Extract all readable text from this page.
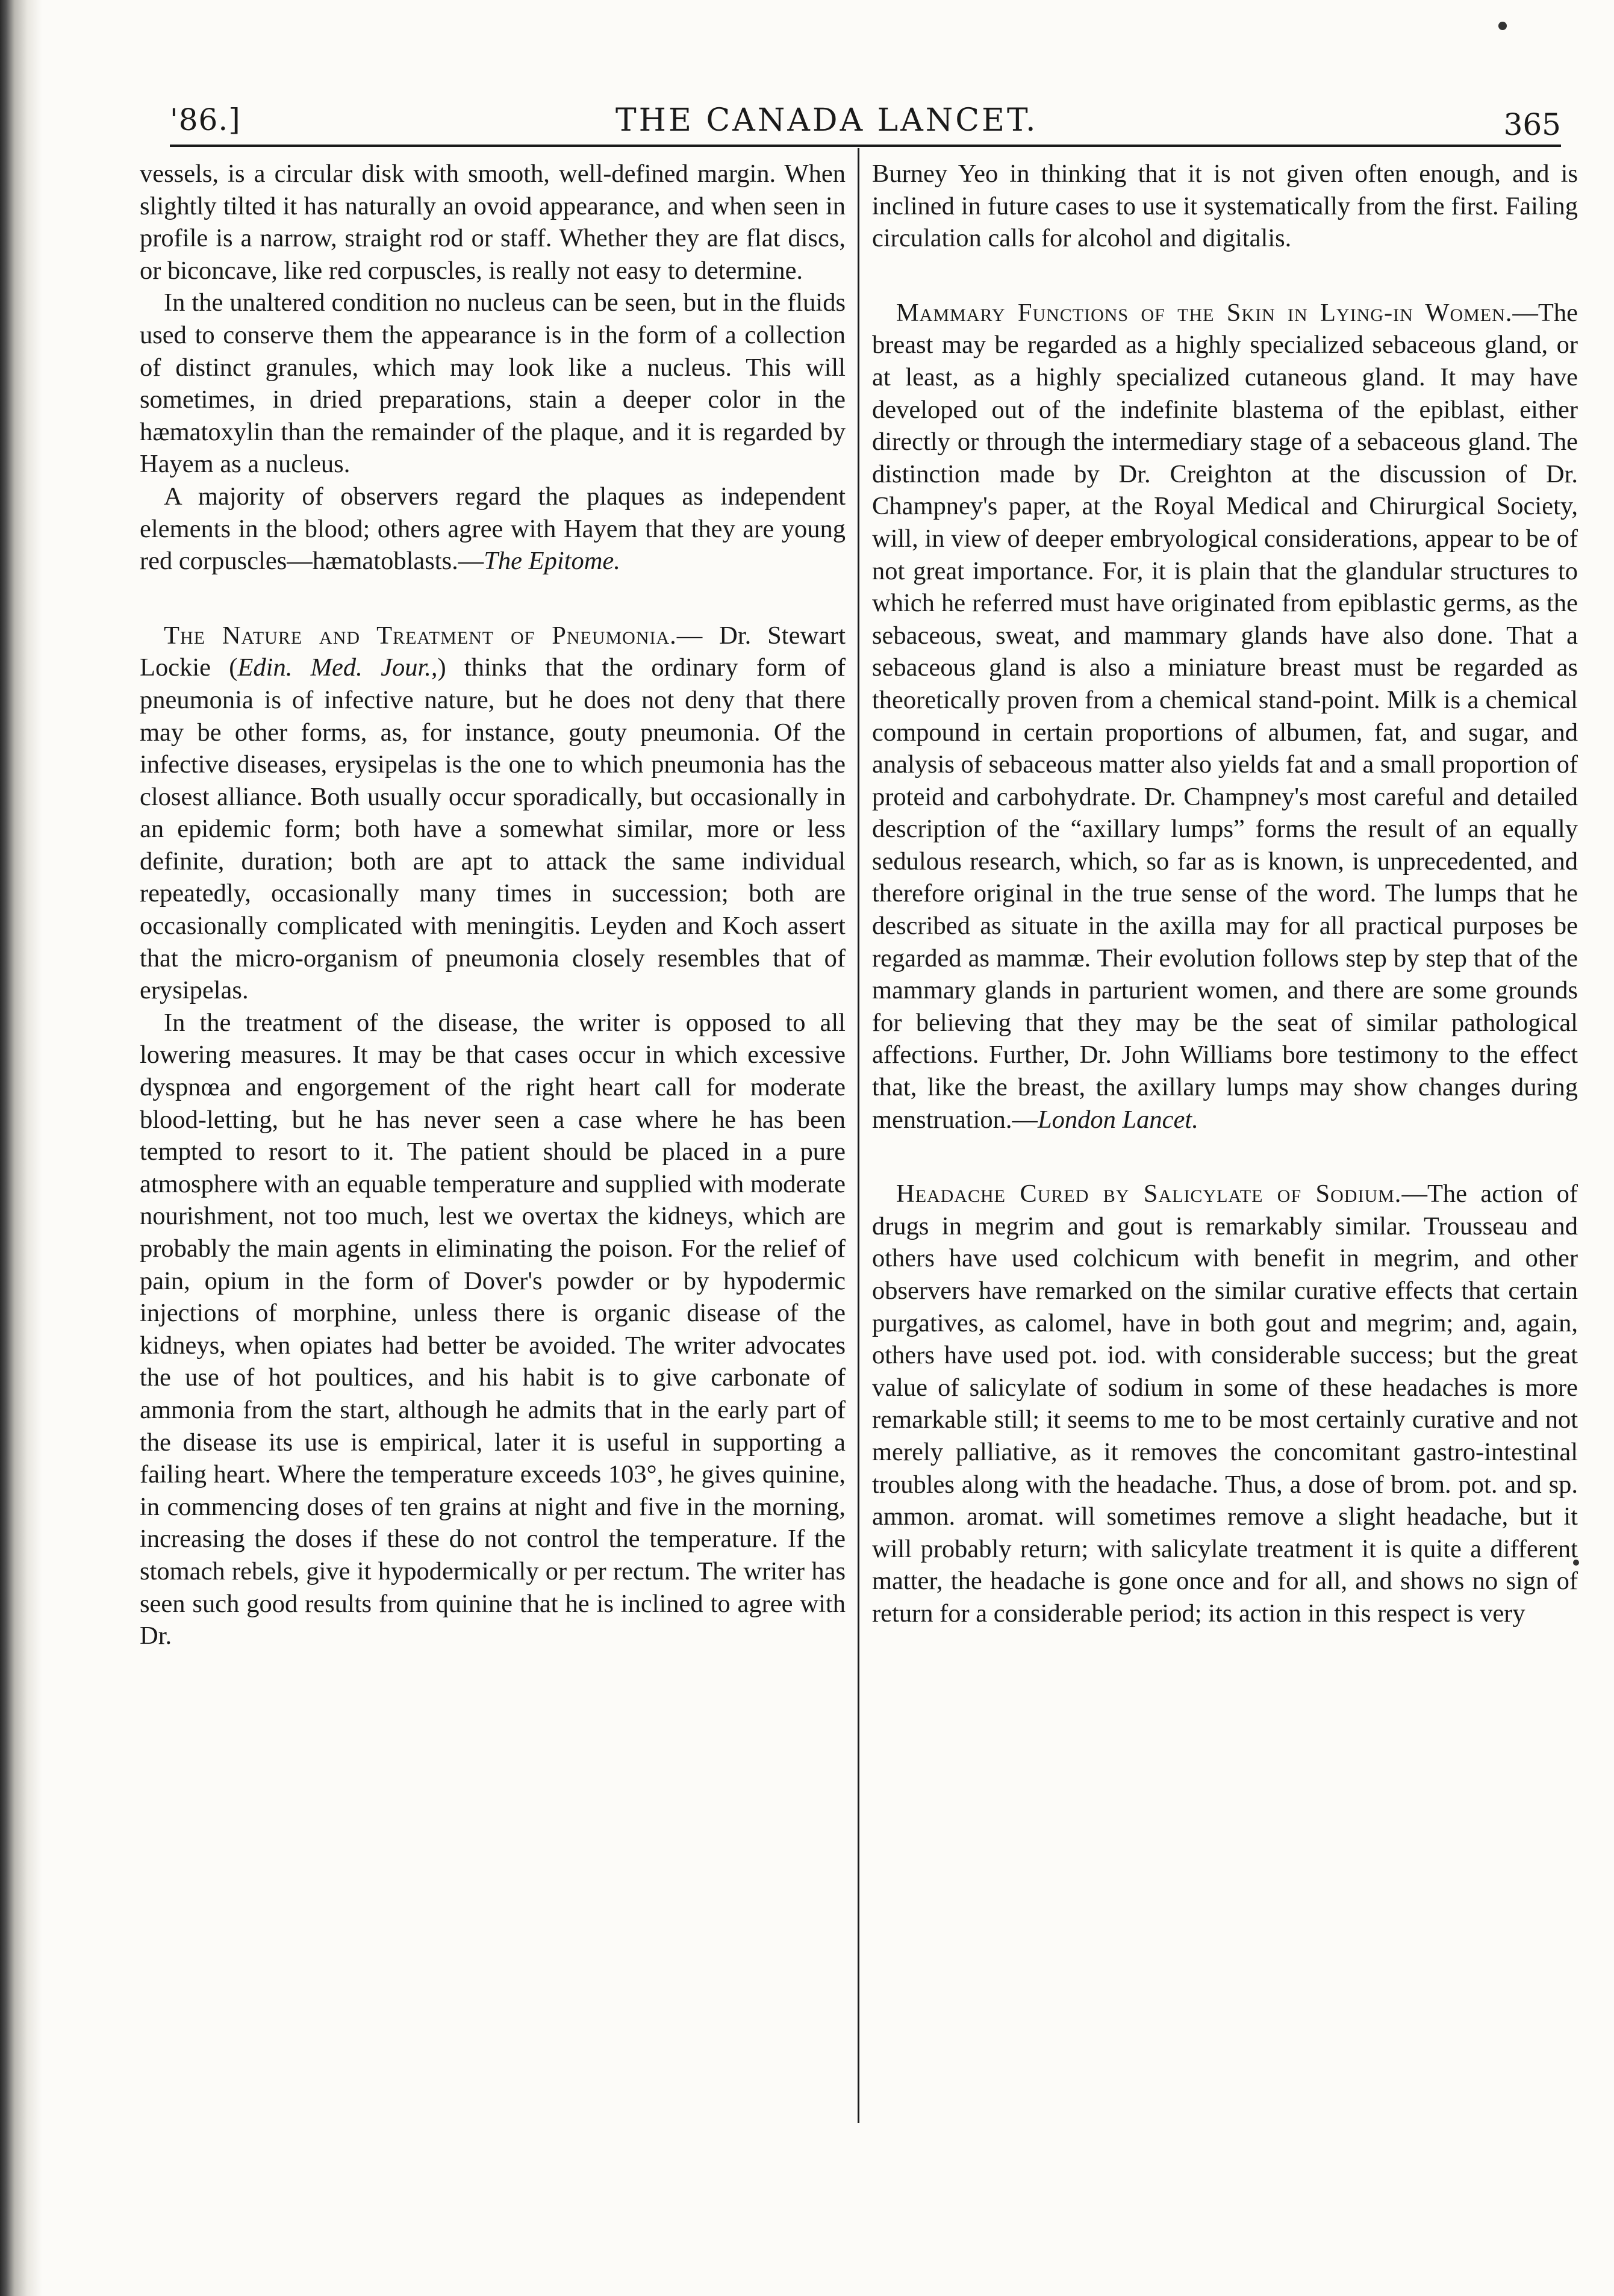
'86.]	THE CANADA LANCET.	365

vessels, is a circular disk with smooth, well-defined margin. When slightly tilted it has naturally an ovoid appearance, and when seen in profile is a narrow, straight rod or staff. Whether they are flat discs, or biconcave, like red corpuscles, is really not easy to determine.

In the unaltered condition no nucleus can be seen, but in the fluids used to conserve them the appearance is in the form of a collection of distinct granules, which may look like a nucleus. This will sometimes, in dried preparations, stain a deeper color in the hæmatoxylin than the remainder of the plaque, and it is regarded by Hayem as a nucleus.

A majority of observers regard the plaques as independent elements in the blood; others agree with Hayem that they are young red corpuscles—hæmatoblasts.—The Epitome.

The Nature and Treatment of Pneumonia.— Dr. Stewart Lockie (Edin. Med. Jour.,) thinks that the ordinary form of pneumonia is of infective nature, but he does not deny that there may be other forms, as, for instance, gouty pneumonia. Of the infective diseases, erysipelas is the one to which pneumonia has the closest alliance. Both usually occur sporadically, but occasionally in an epidemic form; both have a somewhat similar, more or less definite, duration; both are apt to attack the same individual repeatedly, occasionally many times in succession; both are occasionally complicated with meningitis. Leyden and Koch assert that the micro-organism of pneumonia closely resembles that of erysipelas.

In the treatment of the disease, the writer is opposed to all lowering measures. It may be that cases occur in which excessive dyspnœa and engorgement of the right heart call for moderate blood-letting, but he has never seen a case where he has been tempted to resort to it. The patient should be placed in a pure atmosphere with an equable temperature and supplied with moderate nourishment, not too much, lest we overtax the kidneys, which are probably the main agents in eliminating the poison. For the relief of pain, opium in the form of Dover's powder or by hypodermic injections of morphine, unless there is organic disease of the kidneys, when opiates had better be avoided. The writer advocates the use of hot poultices, and his habit is to give carbonate of ammonia from the start, although he admits that in the early part of the disease its use is empirical, later it is useful in supporting a failing heart. Where the temperature exceeds 103°, he gives quinine, in commencing doses of ten grains at night and five in the morning, increasing the doses if these do not control the temperature. If the stomach rebels, give it hypodermically or per rectum. The writer has seen such good results from quinine that he is inclined to agree with Dr.

Burney Yeo in thinking that it is not given often enough, and is inclined in future cases to use it systematically from the first. Failing circulation calls for alcohol and digitalis.

Mammary Functions of the Skin in Lying-in Women.—The breast may be regarded as a highly specialized sebaceous gland, or at least, as a highly specialized cutaneous gland. It may have developed out of the indefinite blastema of the epiblast, either directly or through the intermediary stage of a sebaceous gland. The distinction made by Dr. Creighton at the discussion of Dr. Champney's paper, at the Royal Medical and Chirurgical Society, will, in view of deeper embryological considerations, appear to be of not great importance. For, it is plain that the glandular structures to which he referred must have originated from epiblastic germs, as the sebaceous, sweat, and mammary glands have also done. That a sebaceous gland is also a miniature breast must be regarded as theoretically proven from a chemical stand-point. Milk is a chemical compound in certain proportions of albumen, fat, and sugar, and analysis of sebaceous matter also yields fat and a small proportion of proteid and carbohydrate. Dr. Champney's most careful and detailed description of the “axillary lumps” forms the result of an equally sedulous research, which, so far as is known, is unprecedented, and therefore original in the true sense of the word. The lumps that he described as situate in the axilla may for all practical purposes be regarded as mammæ. Their evolution follows step by step that of the mammary glands in parturient women, and there are some grounds for believing that they may be the seat of similar pathological affections. Further, Dr. John Williams bore testimony to the effect that, like the breast, the axillary lumps may show changes during menstruation.—London Lancet.

Headache Cured by Salicylate of Sodium.—The action of drugs in megrim and gout is remarkably similar. Trousseau and others have used colchicum with benefit in megrim, and other observers have remarked on the similar curative effects that certain purgatives, as calomel, have in both gout and megrim; and, again, others have used pot. iod. with considerable success; but the great value of salicylate of sodium in some of these headaches is more remarkable still; it seems to me to be most certainly curative and not merely palliative, as it removes the concomitant gastro-intestinal troubles along with the headache. Thus, a dose of brom. pot. and sp. ammon. aromat. will sometimes remove a slight headache, but it will probably return; with salicylate treatment it is quite a different matter, the headache is gone once and for all, and shows no sign of return for a considerable period; its action in this respect is very
